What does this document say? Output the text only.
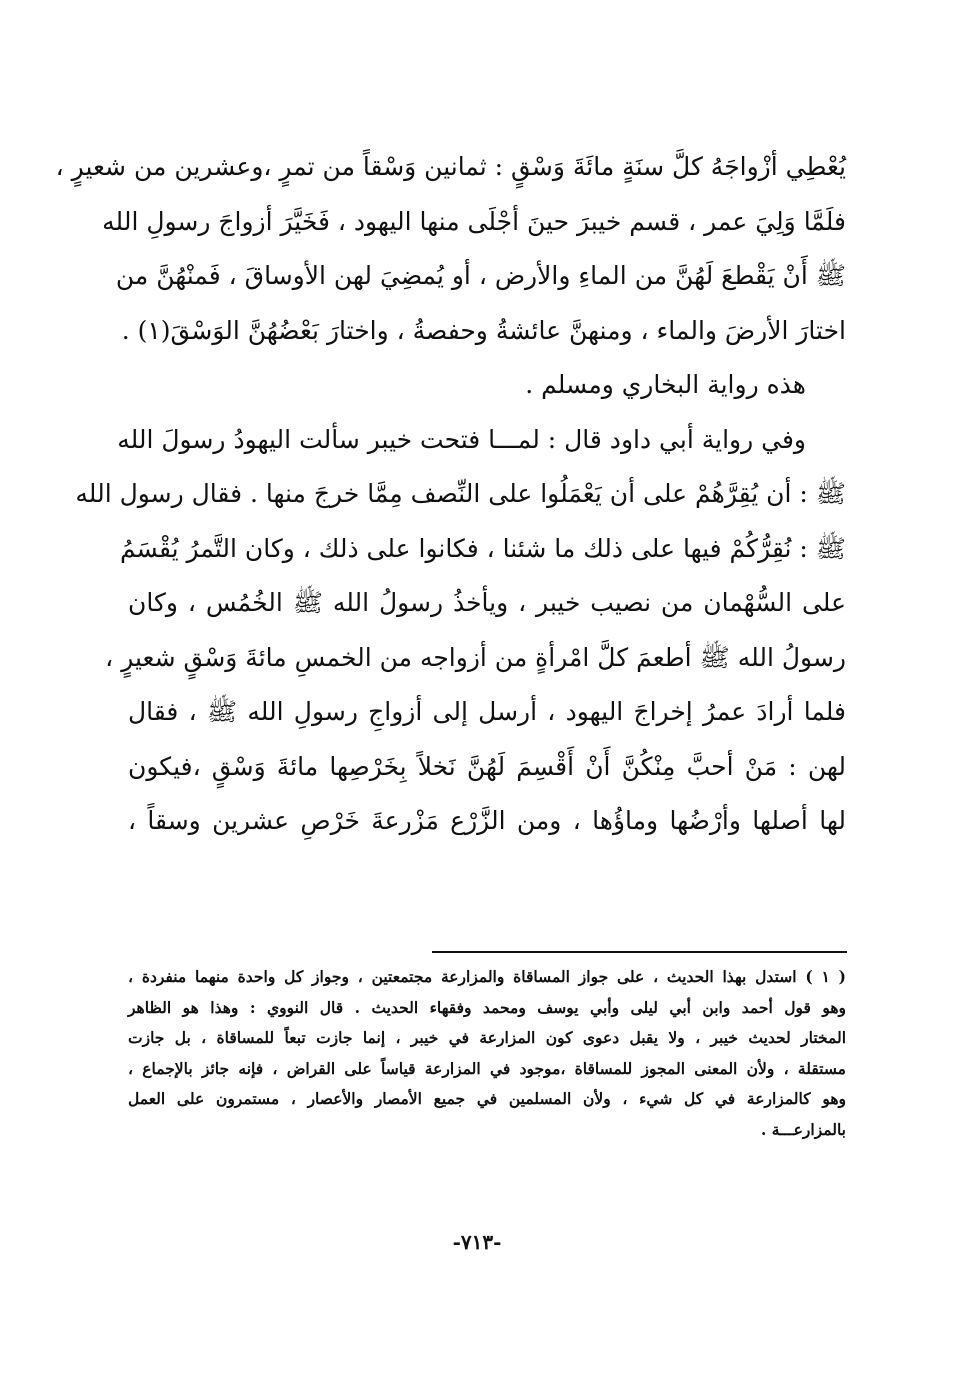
يُعْطِي أزْواجَهُ كلَّ سنَةٍ مائَةَ وَسْقٍ : ثمانين وَسْقاً من تمرٍ ،وعشرين من شعيرٍ ،
فلَمَّا وَلِيَ عمر ، قسم خيبرَ حينَ أجْلَى منها اليهود ، فَخَيَّرَ أزواجَ رسولِ الله
ﷺ أَنْ يَقْطعَ لَهُنَّ من الماءِ والأرض ، أو يُمضِيَ لهن الأوساقَ ، فَمنْهُنَّ من
اختارَ الأرضَ والماء ، ومنهنَّ عائشةُ وحفصةُ ، واختارَ بَعْضُهُنَّ الوَسْقَ(١) .
هذه رواية البخاري ومسلم .
وفي رواية أبي داود قال : لمـــا فتحت خيبر سألت اليهودُ رسولَ الله
ﷺ : أن يُقِرَّهُمْ على أن يَعْمَلُوا على النِّصف مِمَّا خرجَ منها . فقال رسول الله
ﷺ : نُقِرُّكُمْ فيها على ذلك ما شئنا ، فكانوا على ذلك ، وكان التَّمرُ يُقْسَمُ
على السُّهْمان من نصيب خيبر ، ويأخذُ رسولُ الله ﷺ الخُمُس ، وكان
رسولُ الله ﷺ أطعمَ كلَّ امْرأةٍ من أزواجه من الخمسِ مائةَ وَسْقٍ شعيرٍ ،
فلما أرادَ عمرُ إخراجَ اليهود ، أرسل إلى أزواجِ رسولِ الله ﷺ ، فقال
لهن : مَنْ أحبَّ مِنْكُنَّ أَنْ أَقْسِمَ لَهُنَّ نَخلاً بِخَرْصِها مائةَ وَسْقٍ ،فيكون
لها أصلها وأرْضُها وماؤُها ، ومن الزَّرْع مَزْرعةَ خَرْصِ عشرين وسقاً ،
( ١ ) استدل بهذا الحديث ، على جواز المساقاة والمزارعة مجتمعتين ، وجواز كل واحدة منهما منفردة ،
وهو قول أحمد وابن أبي ليلى وأبي يوسف ومحمد وفقهاء الحديث . قال النووي : وهذا هو الظاهر
المختار لحديث خيبر ، ولا يقبل دعوى كون المزارعة في خيبر ، إنما جازت تبعاً للمساقاة ، بل جازت
مستقلة ، ولأن المعنى المجوز للمساقاة ،موجود في المزارعة قياساً على القراض ، فإنه جائز بالإجماع ،
وهو كالمزارعة في كل شيء ، ولأن المسلمين في جميع الأمصار والأعصار ، مستمرون على العمل
بالمزارعـــة .
-٧١٣-
